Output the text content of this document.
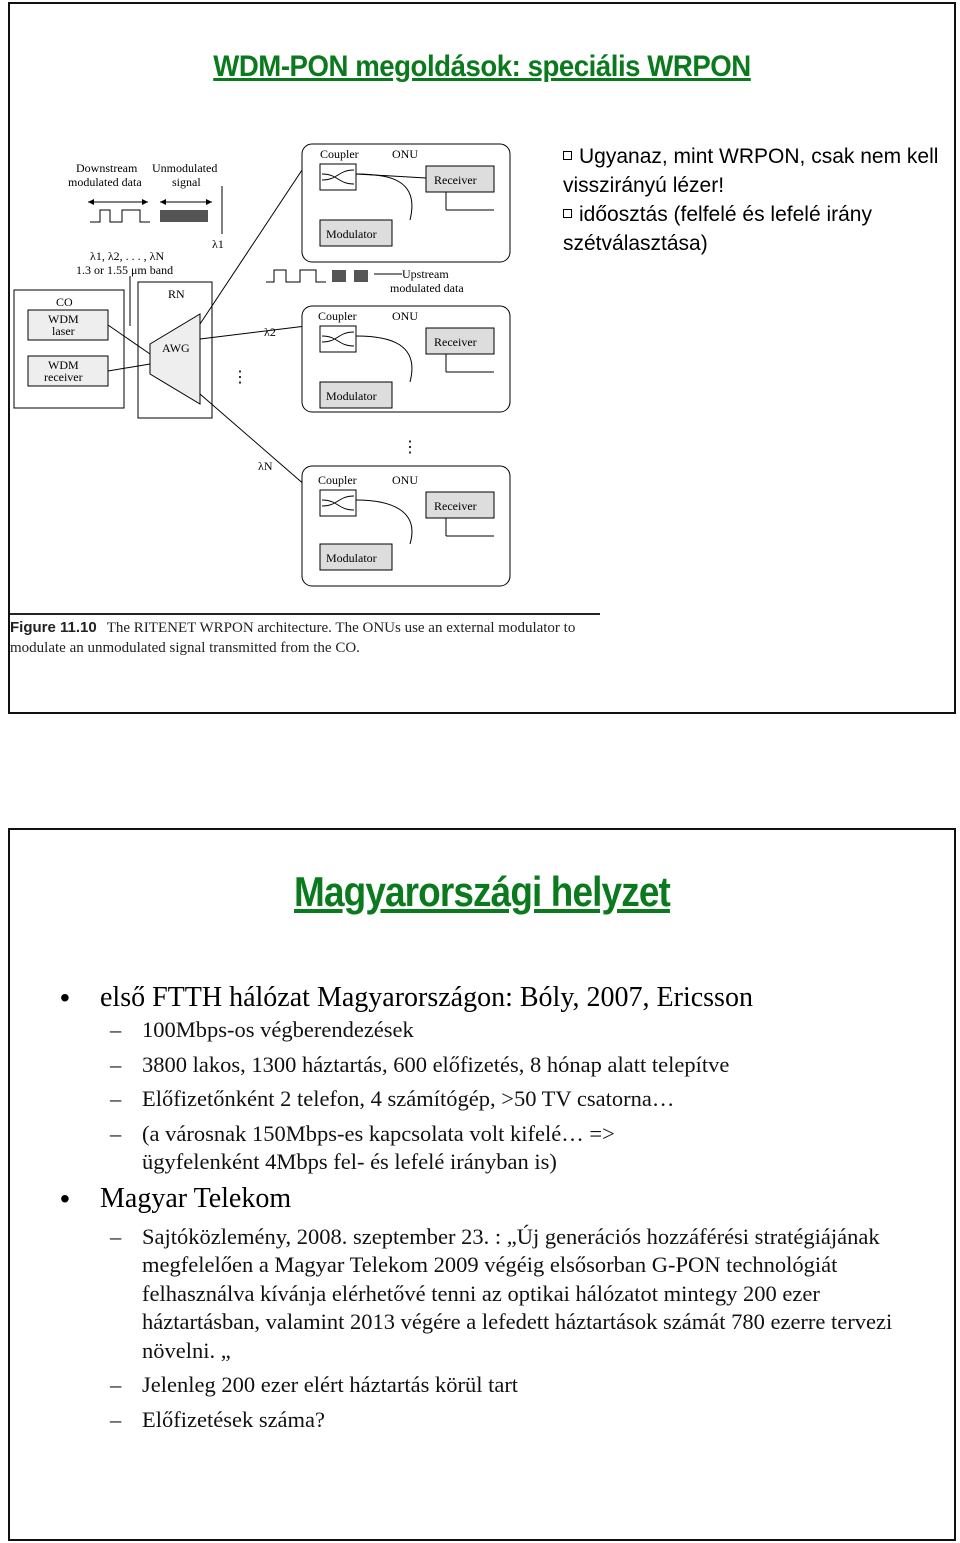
WDM-PON megoldások: speciális WRPON
Downstream
modulated data
Unmodulated
signal
λ1, λ2, . . . , λN
1.3 or 1.55 μm band
λ1
CO
WDM
laser
WDM
receiver
RN
AWG
⋮
λ2
λN
Upstream
modulated data
Coupler	ONU
Receiver
Modulator
Coupler	ONU
Receiver
Modulator
⋮
Coupler	ONU
Receiver
Modulator
Ugyanaz, mint WRPON, csak nem kell visszirányú lézer!
időosztás (felfelé és lefelé irány szétválasztása)
Figure 11.10 The RITENET WRPON architecture. The ONUs use an external modulator to modulate an unmodulated signal transmitted from the CO.
Magyarországi helyzet
• első FTTH hálózat Magyarországon: Bóly, 2007, Ericsson
– 100Mbps-os végberendezések
– 3800 lakos, 1300 háztartás, 600 előfizetés, 8 hónap alatt telepítve
– Előfizetőnként 2 telefon, 4 számítógép, >50 TV csatorna…
– (a városnak 150Mbps-es kapcsolata volt kifelé… => ügyfelenként 4Mbps fel- és lefelé irányban is)
• Magyar Telekom
– Sajtóközlemény, 2008. szeptember 23. : „Új generációs hozzáférési stratégiájának megfelelően a Magyar Telekom 2009 végéig elsősorban G-PON technológiát felhasználva kívánja elérhetővé tenni az optikai hálózatot mintegy 200 ezer háztartásban, valamint 2013 végére a lefedett háztartások számát 780 ezerre tervezi növelni. „
– Jelenleg 200 ezer elért háztartás körül tart
– Előfizetések száma?
